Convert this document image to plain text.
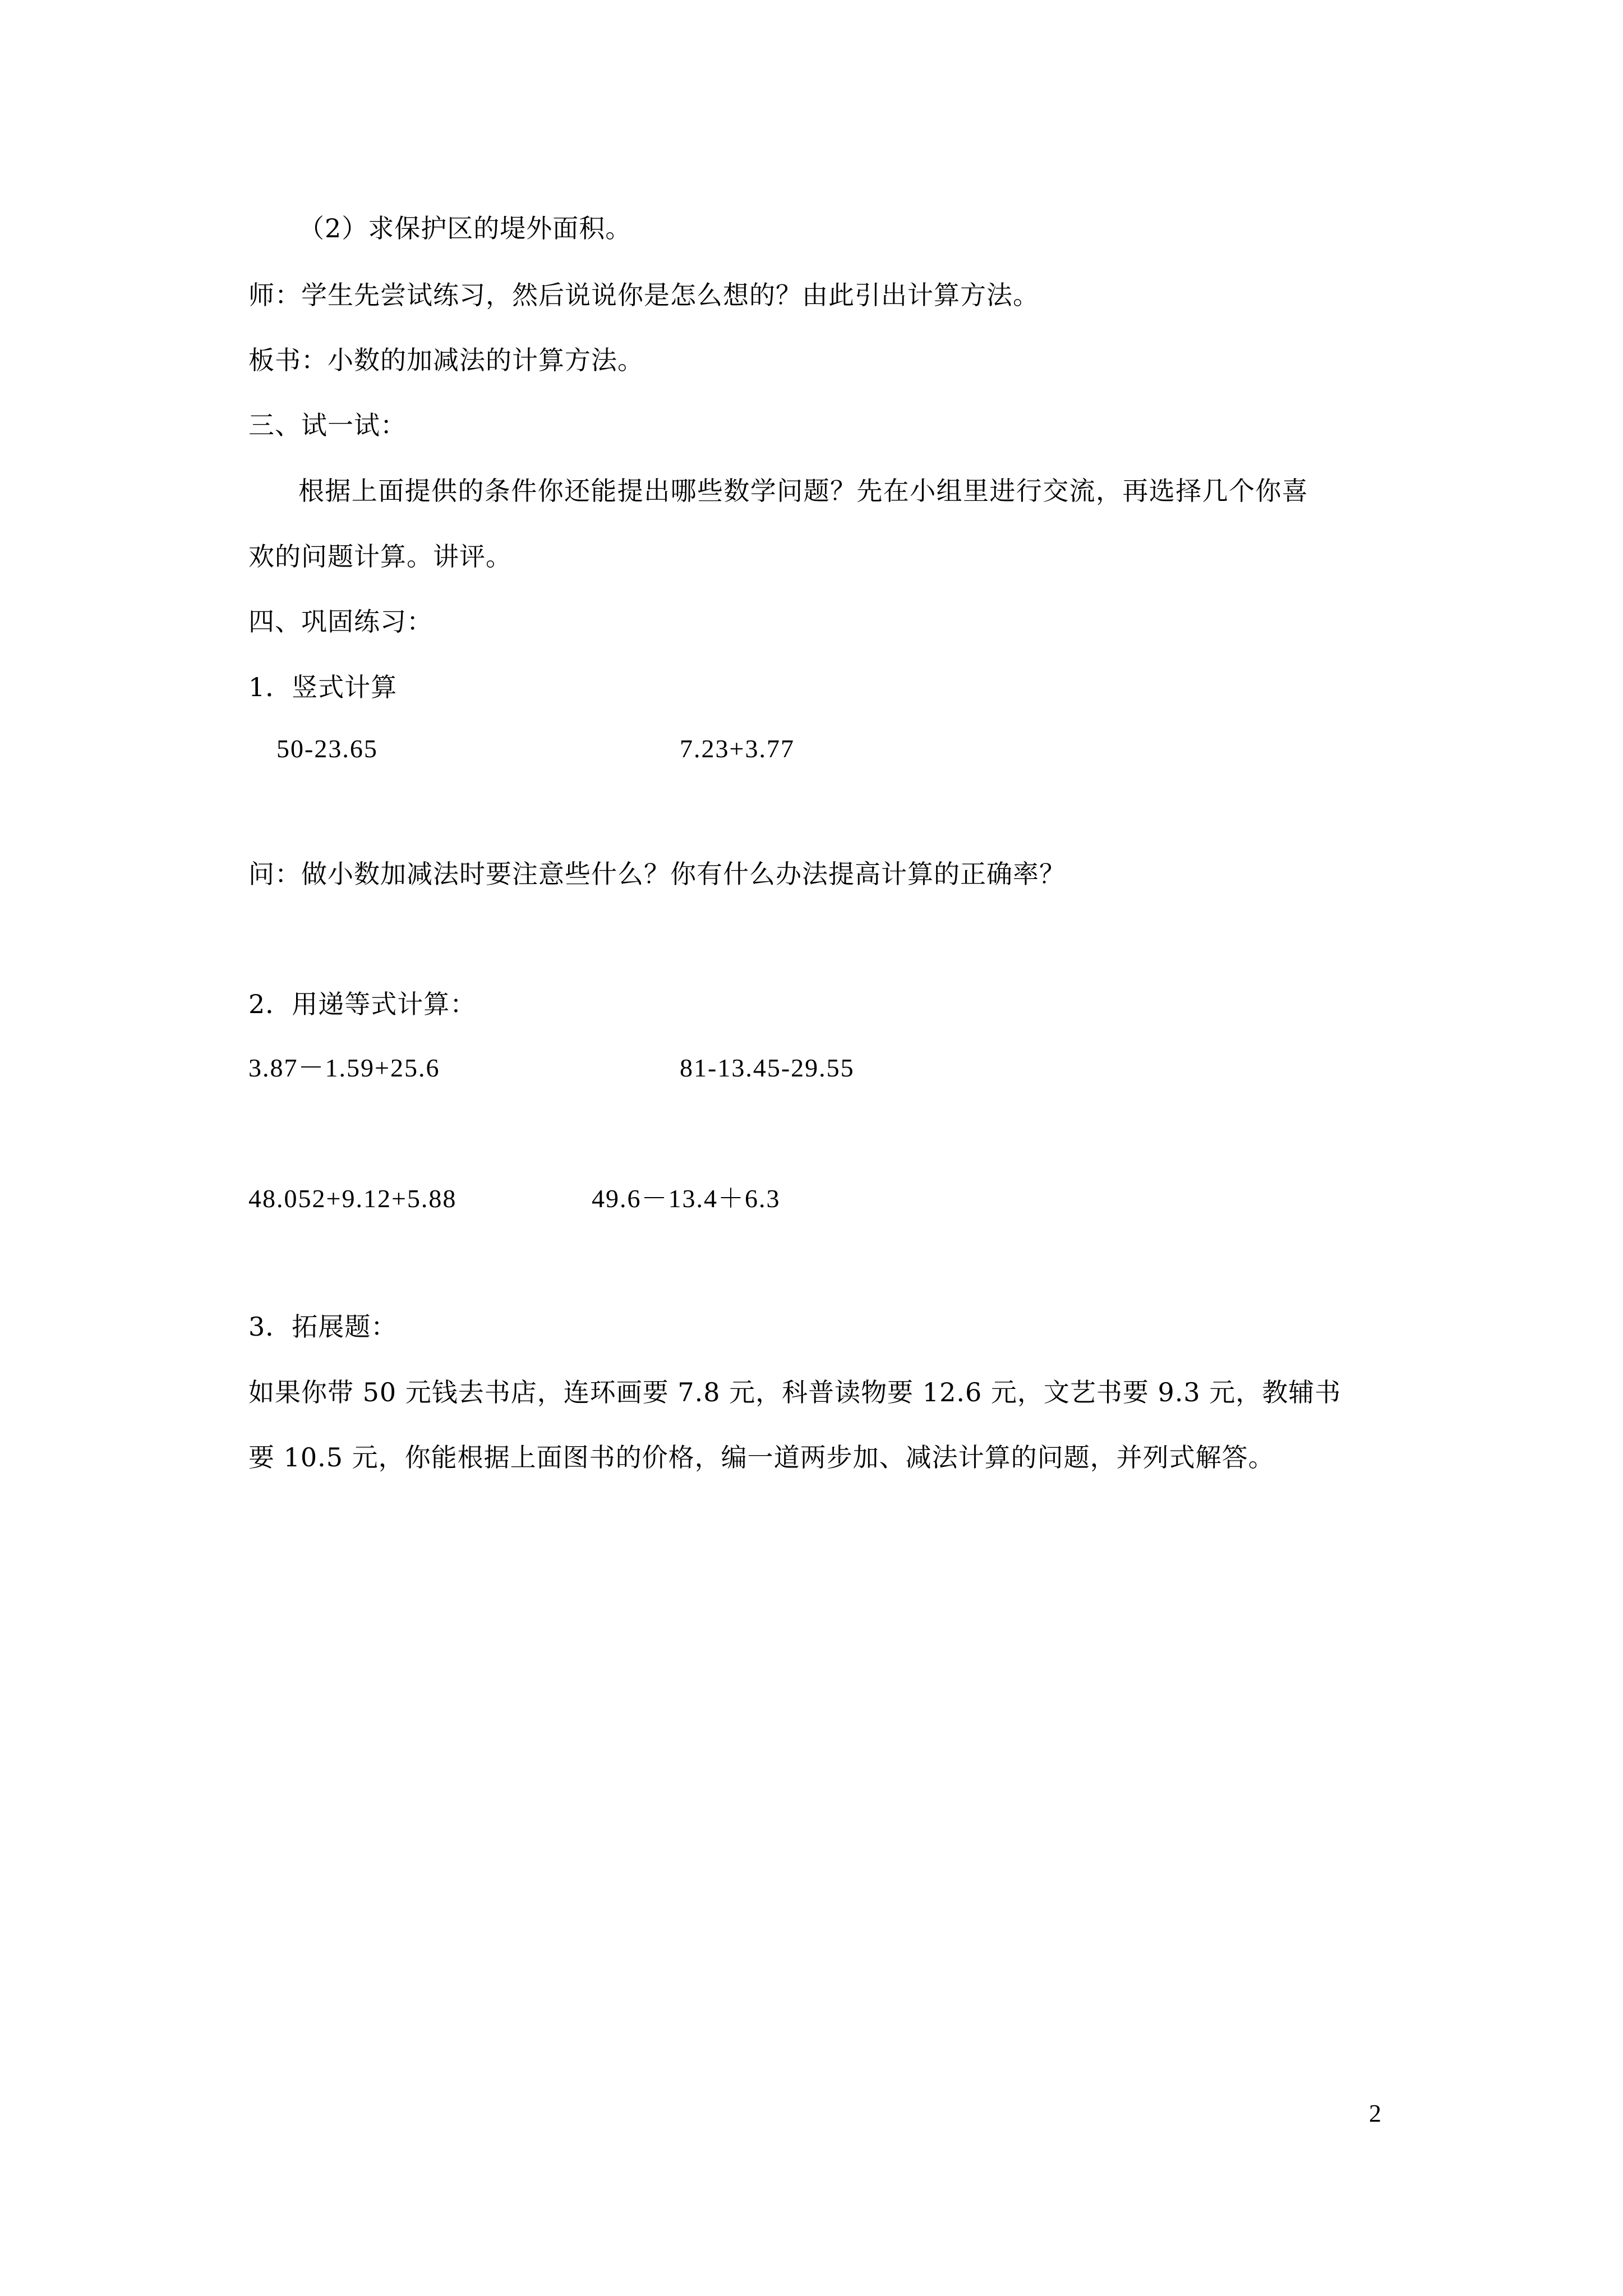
（2）求保护区的堤外面积。
师：学生先尝试练习，然后说说你是怎么想的？由此引出计算方法。
板书：小数的加减法的计算方法。
三、试一试：
根据上面提供的条件你还能提出哪些数学问题？先在小组里进行交流，再选择几个你喜
欢的问题计算。讲评。
四、巩固练习：
1．竖式计算
50-23.65	7.23+3.77
问：做小数加减法时要注意些什么？你有什么办法提高计算的正确率？
2．用递等式计算：
3.87－1.59+25.6	81-13.45-29.55
48.052+9.12+5.88	49.6－13.4＋6.3
3．拓展题：
如果你带 50 元钱去书店，连环画要 7.8 元，科普读物要 12.6 元，文艺书要 9.3 元，教辅书
要 10.5 元，你能根据上面图书的价格，编一道两步加、减法计算的问题，并列式解答。
2
